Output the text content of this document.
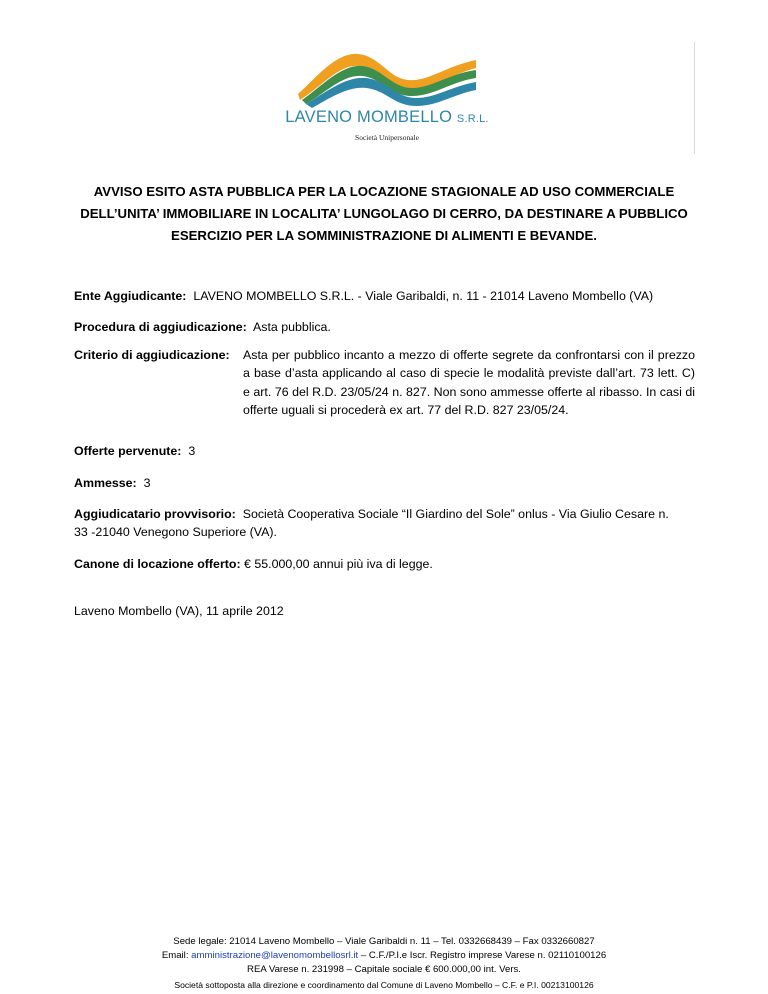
LAVENO MOMBELLO S.R.L.
Società Unipersonale
AVVISO ESITO ASTA PUBBLICA PER LA LOCAZIONE STAGIONALE AD USO COMMERCIALE
DELL’UNITA’ IMMOBILIARE IN LOCALITA’ LUNGOLAGO DI CERRO, DA DESTINARE A PUBBLICO
ESERCIZIO PER LA SOMMINISTRAZIONE DI ALIMENTI E BEVANDE.
Ente Aggiudicante: LAVENO MOMBELLO S.R.L. - Viale Garibaldi, n. 11 - 21014 Laveno Mombello (VA)
Procedura di aggiudicazione: Asta pubblica.
Criterio di aggiudicazione: Asta per pubblico incanto a mezzo di offerte segrete da confrontarsi con il prezzo a base d’asta applicando al caso di specie le modalità previste dall’art. 73 lett. C) e art. 76 del R.D. 23/05/24 n. 827. Non sono ammesse offerte al ribasso. In casi di offerte uguali si procederà ex art. 77 del R.D. 827 23/05/24.
Offerte pervenute: 3
Ammesse: 3
Aggiudicatario provvisorio: Società Cooperativa Sociale “Il Giardino del Sole” onlus - Via Giulio Cesare n.
33 -21040 Venegono Superiore (VA).
Canone di locazione offerto: € 55.000,00 annui più iva di legge.
Laveno Mombello (VA), 11 aprile 2012
Sede legale: 21014 Laveno Mombello – Viale Garibaldi n. 11 – Tel. 0332668439 – Fax 0332660827
Email: amministrazione@lavenomombellosrl.it – C.F./P.I.e Iscr. Registro imprese Varese n. 02110100126
REA Varese n. 231998 – Capitale sociale € 600.000,00 int. Vers.
Società sottoposta alla direzione e coordinamento dal Comune di Laveno Mombello – C.F. e P.I. 00213100126
